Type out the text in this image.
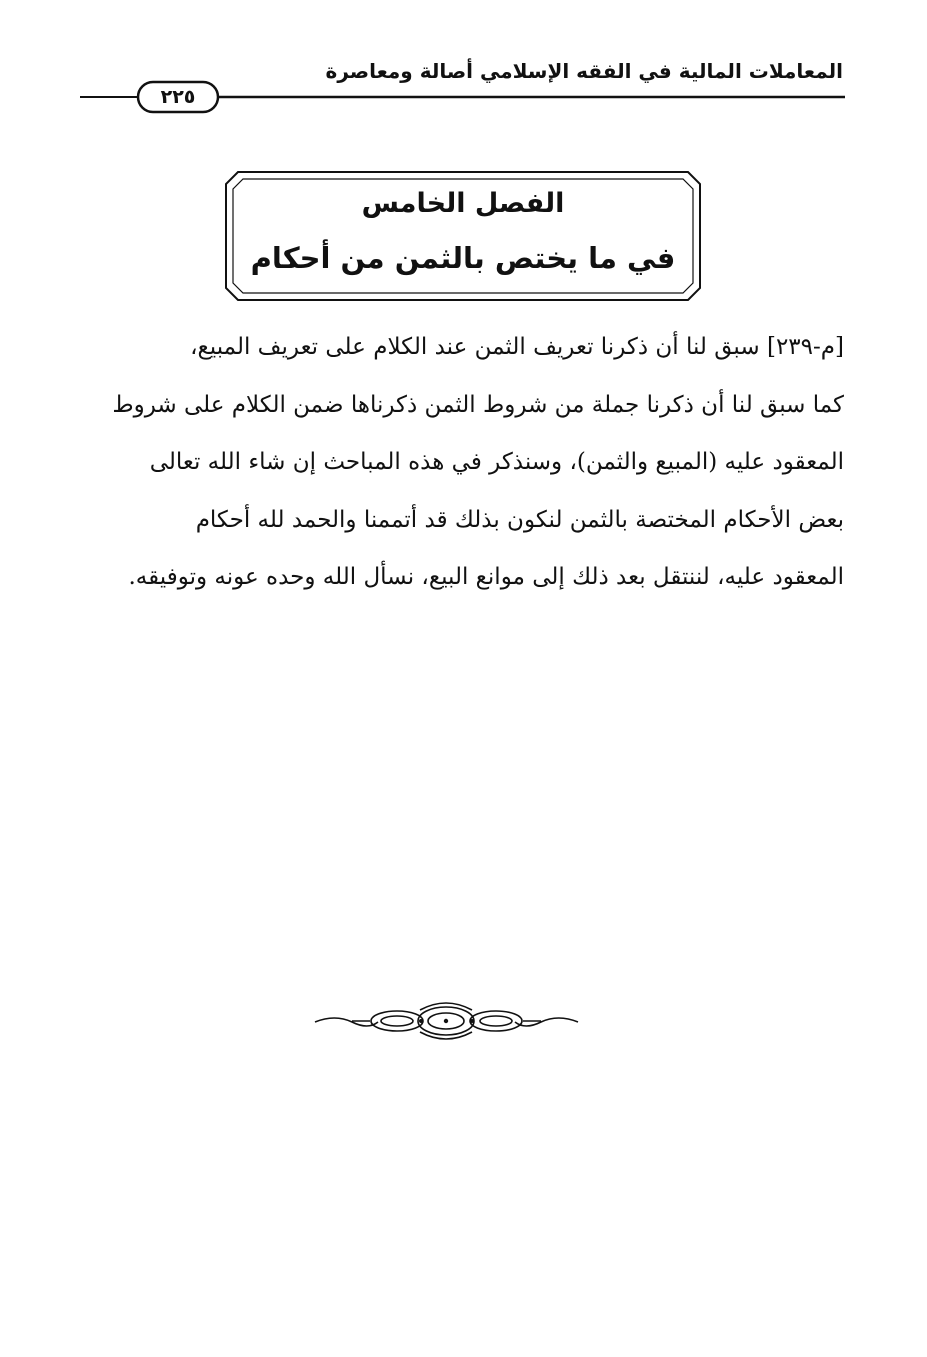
المعاملات المالية في الفقه الإسلامي أصالة ومعاصرة
٢٢٥
الفصل الخامس
في ما يختص بالثمن من أحكام
[م-٢٣٩] سبق لنا أن ذكرنا تعريف الثمن عند الكلام على تعريف المبيع،
كما سبق لنا أن ذكرنا جملة من شروط الثمن ذكرناها ضمن الكلام على شروط
المعقود عليه (المبيع والثمن)، وسنذكر في هذه المباحث إن شاء الله تعالى
بعض الأحكام المختصة بالثمن لنكون بذلك قد أتممنا والحمد لله أحكام
المعقود عليه، لننتقل بعد ذلك إلى موانع البيع، نسأل الله وحده عونه وتوفيقه.
